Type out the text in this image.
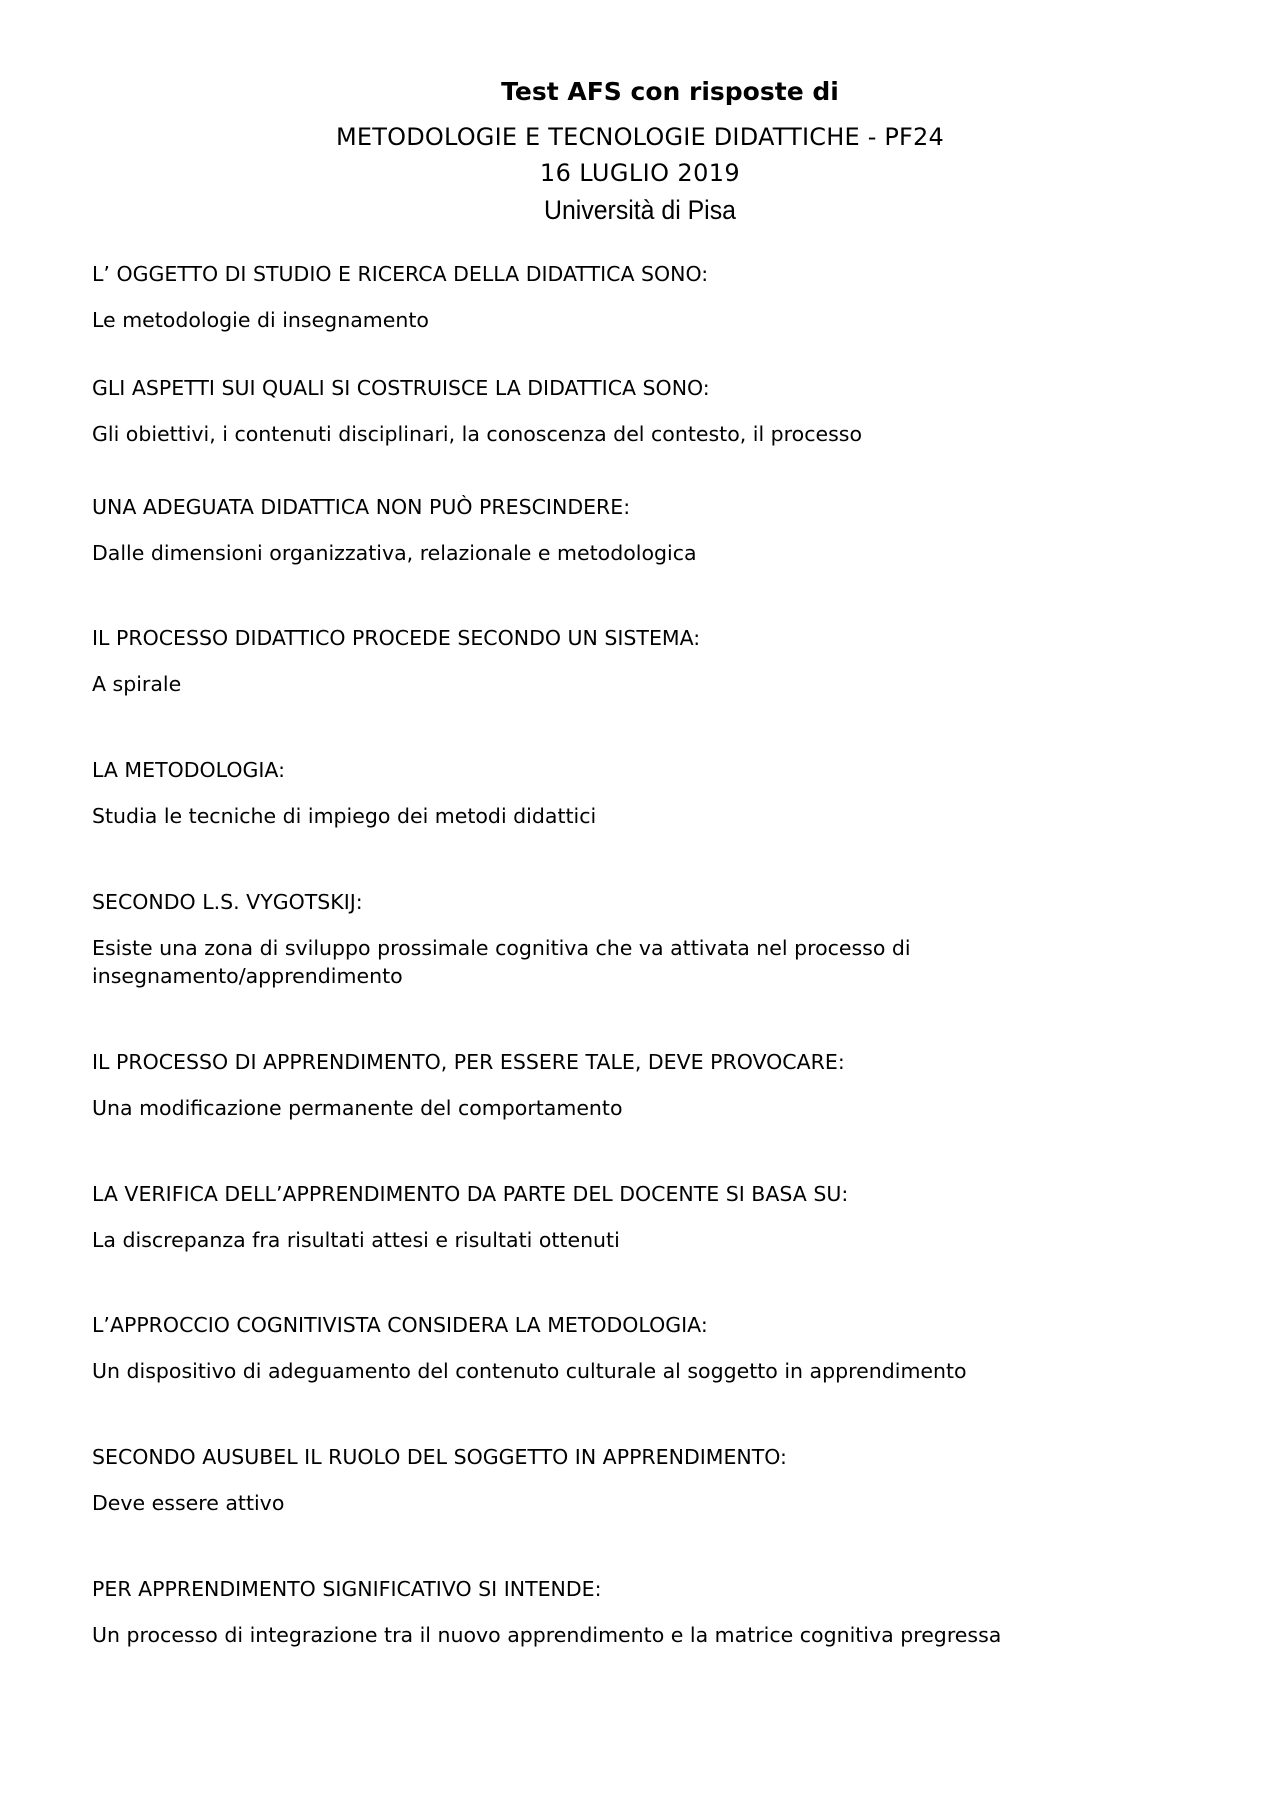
Test AFS con risposte di
METODOLOGIE E TECNOLOGIE DIDATTICHE - PF24
16 LUGLIO 2019
Università di Pisa

L’ OGGETTO DI STUDIO E RICERCA DELLA DIDATTICA SONO:

Le metodologie di insegnamento

GLI ASPETTI SUI QUALI SI COSTRUISCE LA DIDATTICA SONO:

Gli obiettivi, i contenuti disciplinari, la conoscenza del contesto, il processo

UNA ADEGUATA DIDATTICA NON PUÒ PRESCINDERE:

Dalle dimensioni organizzativa, relazionale e metodologica

IL PROCESSO DIDATTICO PROCEDE SECONDO UN SISTEMA:

A spirale

LA METODOLOGIA:

Studia le tecniche di impiego dei metodi didattici

SECONDO L.S. VYGOTSKIJ:

Esiste una zona di sviluppo prossimale cognitiva che va attivata nel processo di
insegnamento/apprendimento

IL PROCESSO DI APPRENDIMENTO, PER ESSERE TALE, DEVE PROVOCARE:

Una modificazione permanente del comportamento

LA VERIFICA DELL’APPRENDIMENTO DA PARTE DEL DOCENTE SI BASA SU:

La discrepanza fra risultati attesi e risultati ottenuti

L’APPROCCIO COGNITIVISTA CONSIDERA LA METODOLOGIA:

Un dispositivo di adeguamento del contenuto culturale al soggetto in apprendimento

SECONDO AUSUBEL IL RUOLO DEL SOGGETTO IN APPRENDIMENTO:

Deve essere attivo

PER APPRENDIMENTO SIGNIFICATIVO SI INTENDE:

Un processo di integrazione tra il nuovo apprendimento e la matrice cognitiva pregressa
